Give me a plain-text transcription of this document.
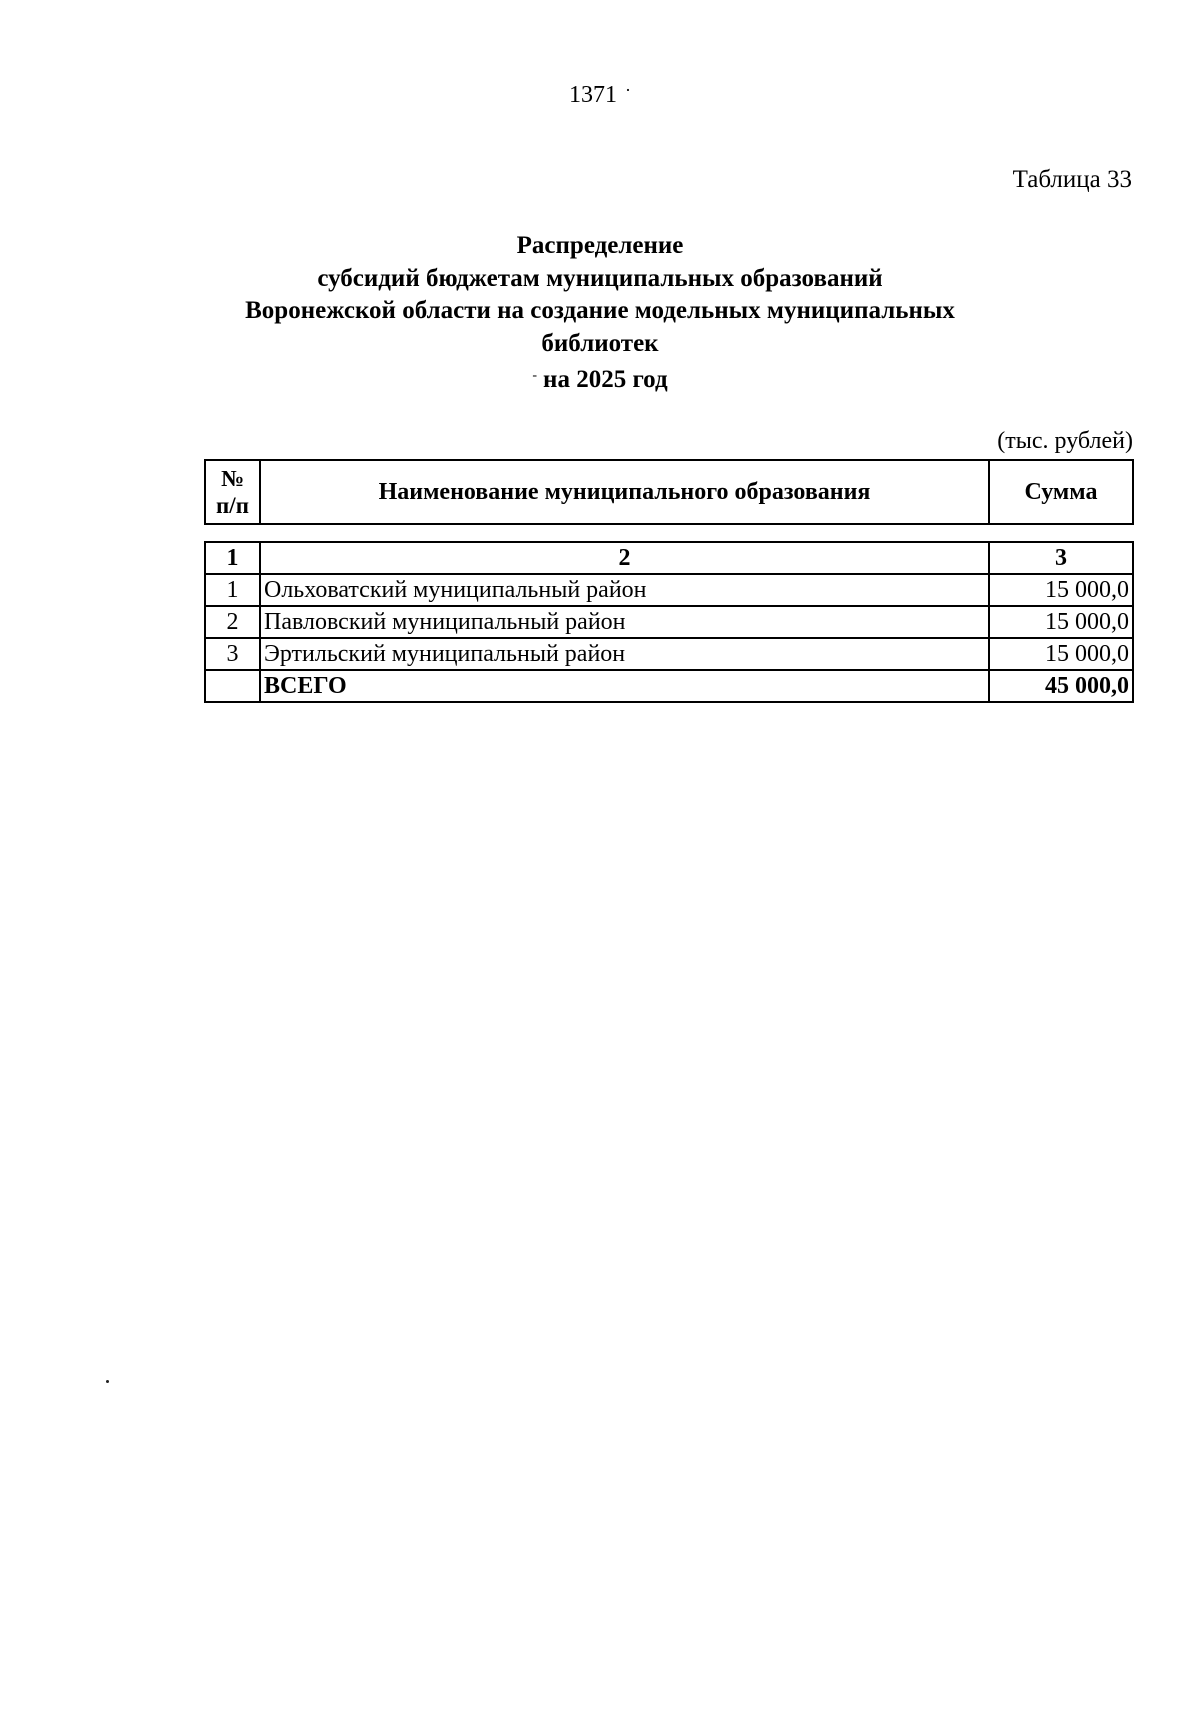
1371 ·
Таблица 33
Распределение
субсидий бюджетам муниципальных образований
Воронежской области на создание модельных муниципальных
библиотек
- на 2025 год
(тыс. рублей)
№
п/п	Наименование муниципального образования	Сумма
1	2	3
1	Ольховатский муниципальный район	15 000,0
2	Павловский муниципальный район	15 000,0
3	Эртильский муниципальный район	15 000,0
	ВСЕГО	45 000,0
